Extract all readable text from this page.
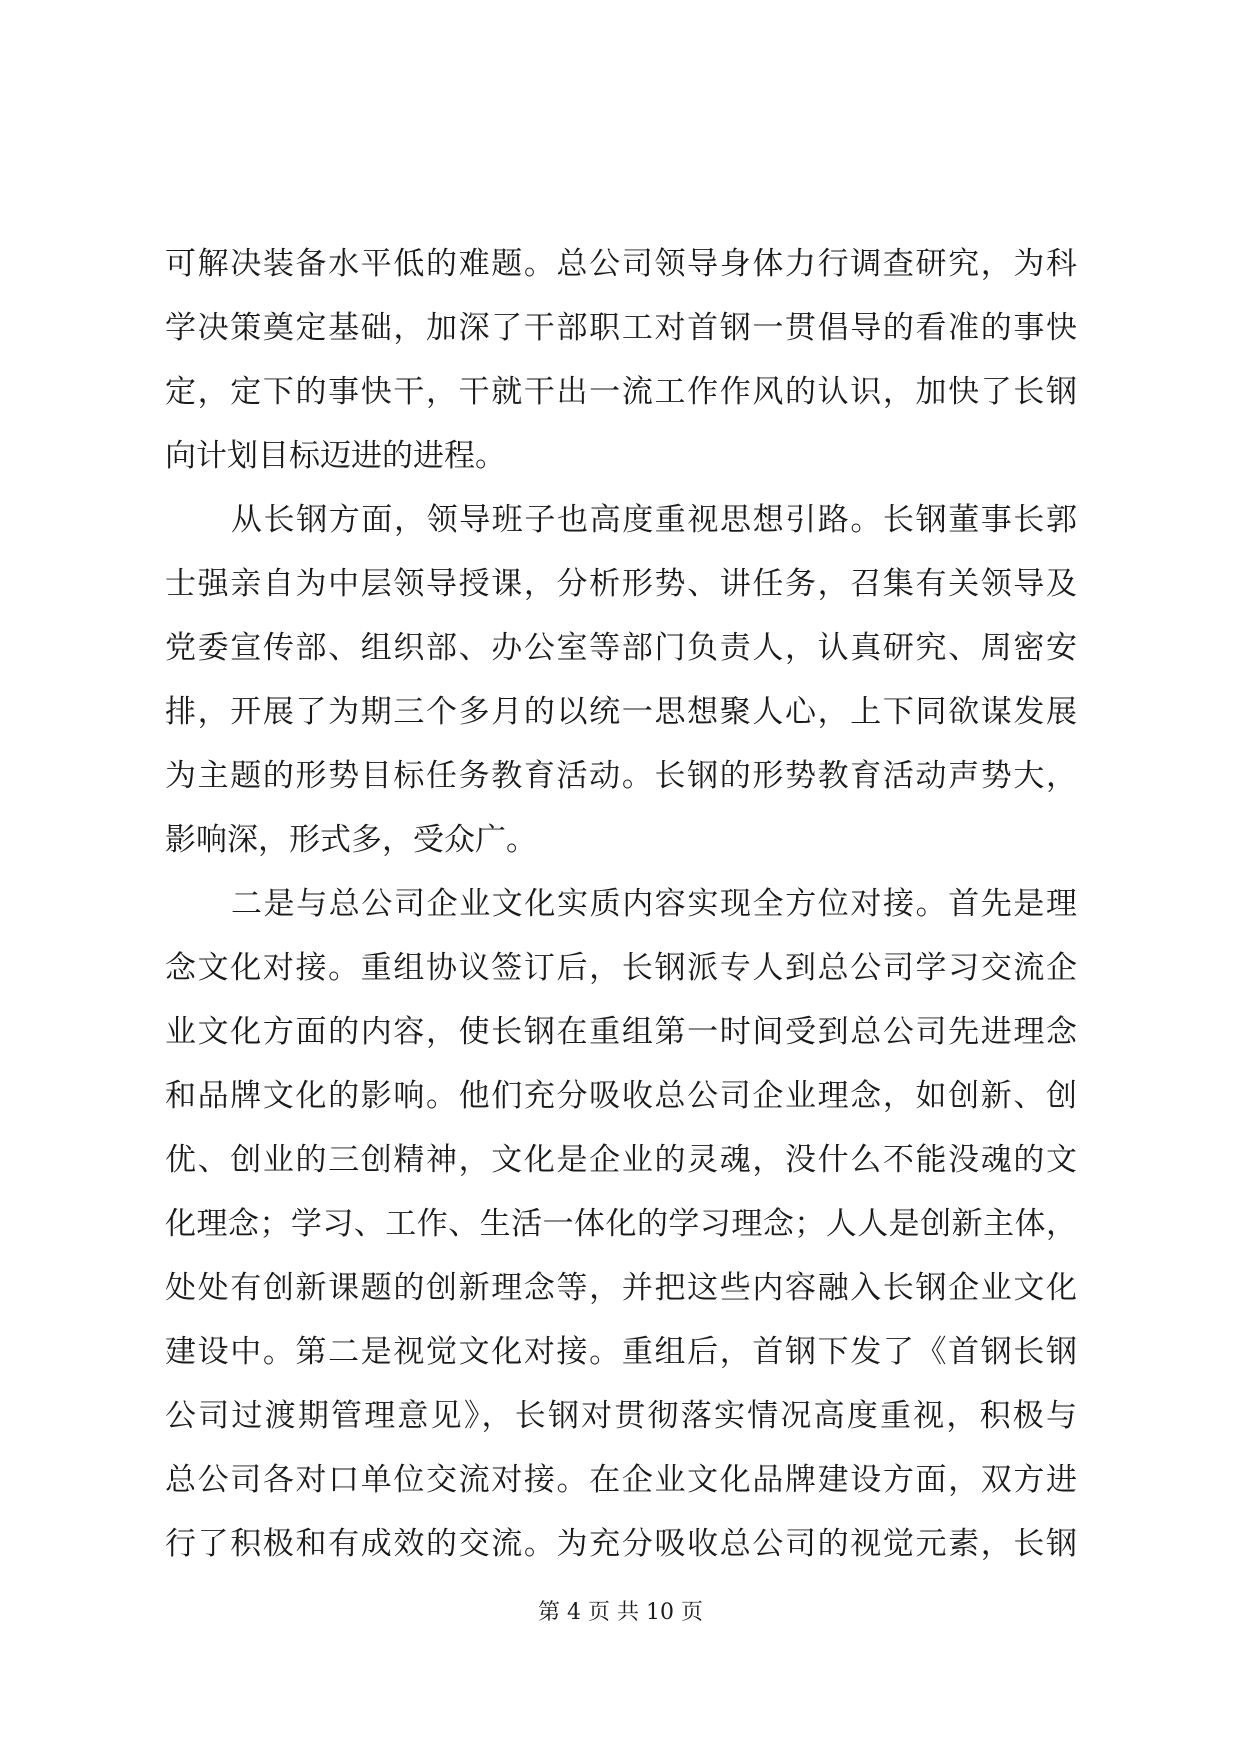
可解决装备水平低的难题。总公司领导身体力行调查研究，为科
学决策奠定基础，加深了干部职工对首钢一贯倡导的看准的事快
定，定下的事快干，干就干出一流工作作风的认识，加快了长钢
向计划目标迈进的进程。
从长钢方面，领导班子也高度重视思想引路。长钢董事长郭
士强亲自为中层领导授课，分析形势、讲任务，召集有关领导及
党委宣传部、组织部、办公室等部门负责人，认真研究、周密安
排，开展了为期三个多月的以统一思想聚人心，上下同欲谋发展
为主题的形势目标任务教育活动。长钢的形势教育活动声势大，
影响深，形式多，受众广。
二是与总公司企业文化实质内容实现全方位对接。首先是理
念文化对接。重组协议签订后，长钢派专人到总公司学习交流企
业文化方面的内容，使长钢在重组第一时间受到总公司先进理念
和品牌文化的影响。他们充分吸收总公司企业理念，如创新、创
优、创业的三创精神，文化是企业的灵魂，没什么不能没魂的文
化理念；学习、工作、生活一体化的学习理念；人人是创新主体，
处处有创新课题的创新理念等，并把这些内容融入长钢企业文化
建设中。第二是视觉文化对接。重组后，首钢下发了《首钢长钢
公司过渡期管理意见》，长钢对贯彻落实情况高度重视，积极与
总公司各对口单位交流对接。在企业文化品牌建设方面，双方进
行了积极和有成效的交流。为充分吸收总公司的视觉元素，长钢
第 4 页 共 10 页
